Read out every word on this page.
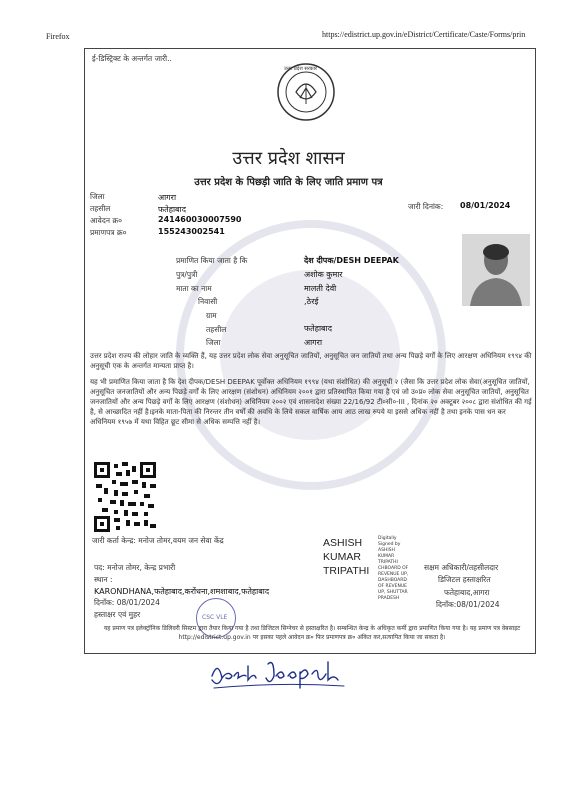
Firefox	https://edistrict.up.gov.in/eDistrict/Certificate/Caste/Forms/prin
ई-डिस्ट्रिक्ट के अन्तर्गत जारी..
उत्तर प्रदेश सरकार
उत्तर प्रदेश शासन
उत्तर प्रदेश के पिछड़ी जाति के लिए जाति प्रमाण पत्र
जिला	आगरा
तहसील	फतेहाबाद
आवेदन क्र०	241460030007590
प्रमाणपत्र क्र०	155243002541
जारी दिनांक: 08/01/2024
प्रमाणित किया जाता है कि	देश दीपक/DESH DEEPAK
पुत्र/पुत्री	अशोक कुमार
माता का नाम	मालती देवी
निवासी	,ठेरई
ग्राम
तहसील	फतेहाबाद
जिला	आगरा
उत्तर प्रदेश राज्य की लोहार जाति के व्यक्ति हैं, यह उत्तर प्रदेश लोक सेवा अनुसूचित जातियों, अनुसूचित जन जातियों तथा अन्य पिछड़े वर्गों के लिए आरक्षण अधिनियम १९९४ की अनुसूची एक के अन्तर्गत मान्यता प्राप्त है।
यह भी प्रमाणित किया जाता है कि देश दीपक/DESH DEEPAK पूर्वोक्त अधिनियम १९९४ (यथा संशोधित) की अनुसूची २ (जैसा कि उत्तर प्रदेश लोक सेवा(अनुसूचित जातियों, अनुसूचित जनजातियों और अन्य पिछड़े वर्गों के लिए आरक्षण (संशोधन) अधिनियम २००१ द्वारा प्रतिस्थापित किया गया है एवं जो उ०प्र० लोक सेवा अनुसूचित जातियों, अनुसूचित जनजातियों और अन्य पिछड़े वर्गों के लिए आरक्षण (संशोधन) अधिनियम २००२ एवं शासनादेश संख्या 22/16/92 टी०सी०-III , दिनांक २० अक्टूबर २००८ द्वारा संशोधित की गई है, से आच्छादित नहीं है।इनके माता-पिता की निरन्तर तीन वर्षों की अवधि के लिये सकल वार्षिक आय आठ लाख रुपये या इससे अधिक नहीं है तथा इनके पास धन कर अधिनियम १९५७ में यथा विहित छूट सीमा से अधिक सम्पत्ति नहीं है।
जारी कर्ता केन्द्र: मनोज तोमर,वयम जन सेवा केंद्र
पद: मनोज तोमर, केन्द्र प्रभारी
स्थान :
KARONDHANA,फतेहाबाद,करोंधना,शमशाबाद,फतेहाबाद
दिनाँक: 08/01/2024
हस्ताक्षर एवं मुहर	CSC VLE
ASHISH
KUMAR
TRIPATHI
Digitally
Signed by
ASHISH
KUMAR
TRIPATHI
CHBOARD OF
REVENUE UP,
DASHBOARD
OF REVENUE
UP, SHUTTAR
PRADESH
सक्षम अधिकारी/तहसीलदार
डिजिटल हस्ताक्षरित
फतेहाबाद,आगरा
दिनाँक:08/01/2024
यह प्रमाण पत्र इलेक्ट्रॉनिक डिलिवरी सिस्टम द्वारा तैयार किया गया है तथा डिजिटल सिग्नेचर से हस्ताक्षरित है। सम्बन्धित केन्द्र के अधिकृत कर्मी द्वारा प्रमाणित किया गया है। यह प्रमाण पत्र वेबसाइट http://edistrict.up.gov.in पर इसका पहले आवेदन क्र० फिर प्रमाणपत्र क्र० अंकित कर,सत्यापित किया जा सकता है।
